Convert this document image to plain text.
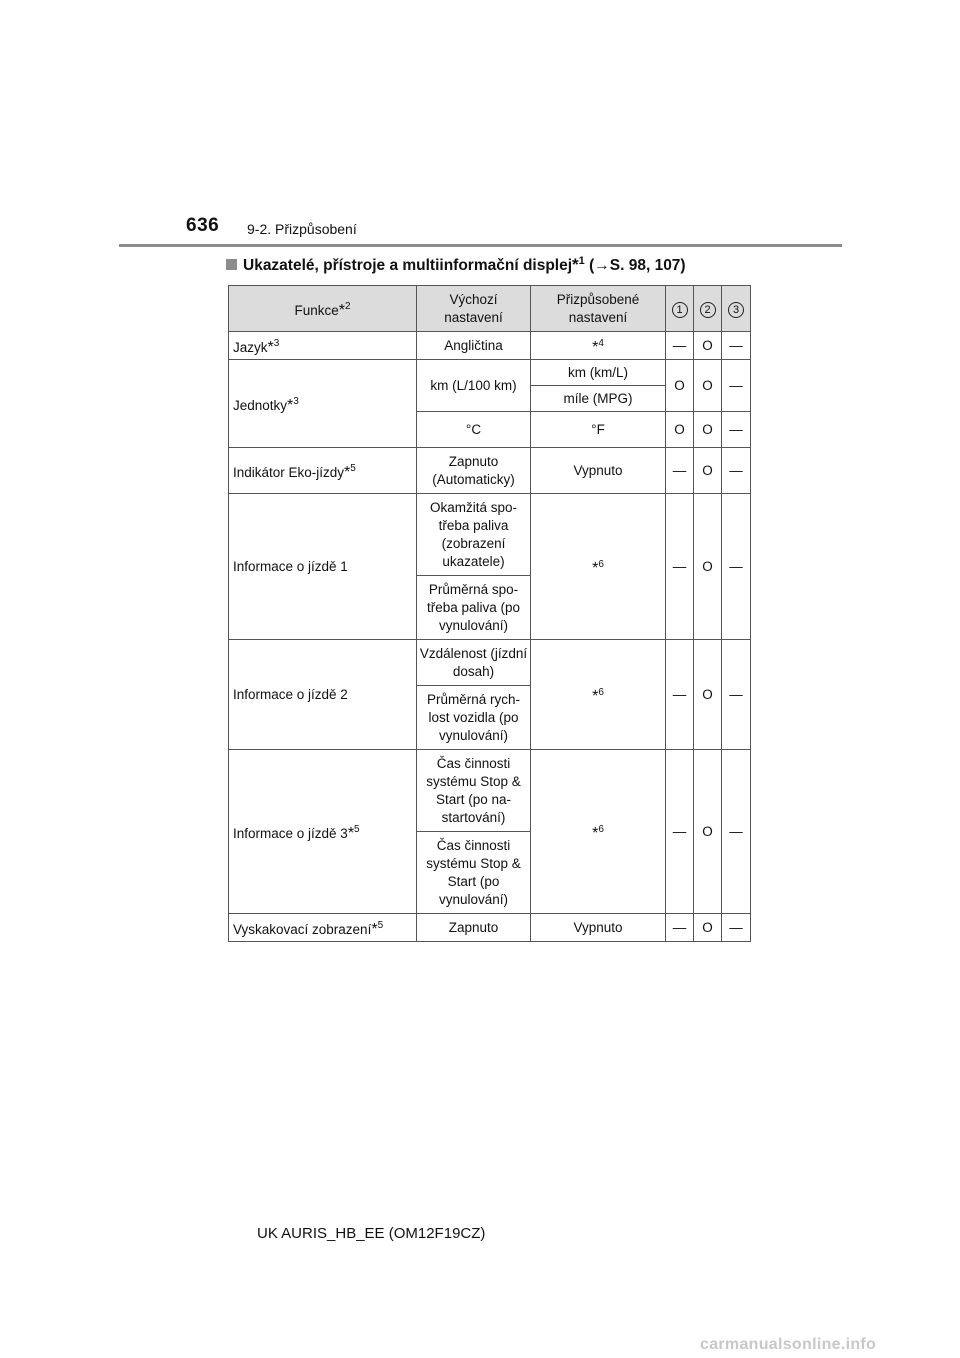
636 9-2. Přizpůsobení
Ukazatelé, přístroje a multiinformační displej*$^1$ (→S. 98, 107)
Funkce*$^2$	Výchozí nastavení	Přizpůsobené nastavení	1	2	3
Jazyk*$^3$	Angličtina	*$^4$	—	O	—
Jednotky*$^3$	km (L/100 km)	km (km/L)	O	O	—
		míle (MPG)			
	°C	°F	O	O	—
Indikátor Eko-jízdy*$^5$	Zapnuto (Automaticky)	Vypnuto	—	O	—
Informace o jízdě 1	Okamžitá spo-třeba paliva (zobrazení ukazatele)	*$^6$	—	O	—
	Průměrná spo-třeba paliva (po vynulování)				
Informace o jízdě 2	Vzdálenost (jízdní dosah)	*$^6$	—	O	—
	Průměrná rych-lost vozidla (po vynulování)				
Informace o jízdě 3*$^5$	Čas činnosti systému Stop & Start (po na-startování)	*$^6$	—	O	—
	Čas činnosti systému Stop & Start (po vynulování)				
Vyskakovací zobrazení*$^5$	Zapnuto	Vypnuto	—	O	—
UK AURIS_HB_EE (OM12F19CZ)
carmanualsonline.info
